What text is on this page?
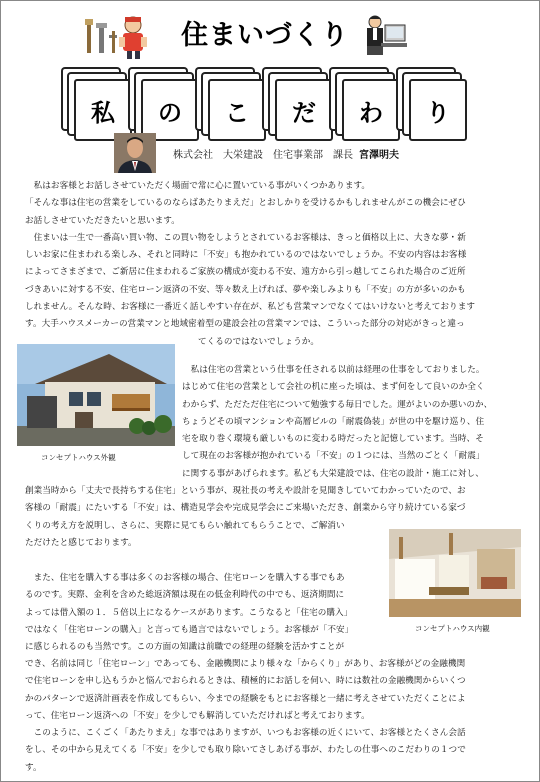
住まいづくり
私	の	こ	だ	わ	り
株式会社　大栄建設　住宅事業部　課長 宮澤明夫
　私はお客様とお話しさせていただく場面で常に心に置いている事がいくつかあります。
「そんな事は住宅の営業をしているのならばあたりまえだ」とおしかりを受けるかもしれませんがこの機会にぜひ
お話しさせていただきたいと思います。
　住まいは一生で一番高い買い物、この買い物をしようとされているお客様は、きっと価格以上に、大きな夢・新
しいお家に住まわれる楽しみ、それと同時に「不安」も抱かれているのではないでしょうか。不安の内容はお客様
によってさまざまで、ご新居に住まわれるご家族の構成が変わる不安、遠方から引っ越してこられた場合のご近所
づきあいに対する不安、住宅ローン返済の不安、等々数え上げれば、夢や楽しみよりも「不安」の方が多いのかも
しれません。そんな時、お客様に一番近く話しやすい存在が、私ども営業マンでなくてはいけないと考えております
す。大手ハウスメーカーの営業マンと地域密着型の建設会社の営業マンでは、こういった部分の対応がきっと違っ
てくるのではないでしょうか。
コンセプトハウス外観
　私は住宅の営業という仕事を任される以前は経理の仕事をしておりました。
はじめて住宅の営業として会社の机に座った頃は、まず何をして良いのか全く
わからず、ただただ住宅について勉強する毎日でした。運がよいのか悪いのか、
ちょうどその頃マンションや高層ビルの「耐震偽装」が世の中を駆け巡り、住
宅を取り巻く環境も厳しいものに変わる時だったと記憶しています。当時、そ
して現在のお客様が抱かれている「不安」の１つには、当然のごとく「耐震」
に関する事があげられます。私ども大栄建設では、住宅の設計・施工に対し、
創業当時から「丈夫で長持ちする住宅」という事が、現社長の考えや設計を見聞きしていてわかっていたので、お
客様の「耐震」にたいする「不安」は、構造見学会や完成見学会にご来場いただき、創業から守り続けている家づ
くりの考え方を説明し、さらに、実際に見てもらい触れてもらうことで、ご解消い
ただけたと感じております。
コンセプトハウス内観
　また、住宅を購入する事は多くのお客様の場合、住宅ローンを購入する事でもあ
るのです。実際、金利を含めた総返済額は現在の低金利時代の中でも、返済期間に
よっては借入額の１．５倍以上になるケースがあります。こうなると「住宅の購入」
ではなく「住宅ローンの購入」と言っても過言ではないでしょう。お客様が「不安」
に感じられるのも当然です。この方面の知識は前職での経理の経験を活かすことが
でき、名前は同じ「住宅ローン」であっても、金融機関により様々な「からくり」があり、お客様がどの金融機関
で住宅ローンを申し込もうかと悩んでおられるときは、積極的にお話しを伺い、時には数社の金融機関からいくつ
かのパターンで返済計画表を作成してもらい、今までの経験をもとにお客様と一緒に考えさせていただくことによ
って、住宅ローン返済への「不安」を少しでも解消していただければと考えております。
　このように、こくごく「あたりまえ」な事ではありますが、いつもお客様の近くにいて、お客様とたくさん会話
をし、その中から見えてくる「不安」を少しでも取り除いてさしあげる事が、わたしの仕事へのこだわりの１つで
す。
